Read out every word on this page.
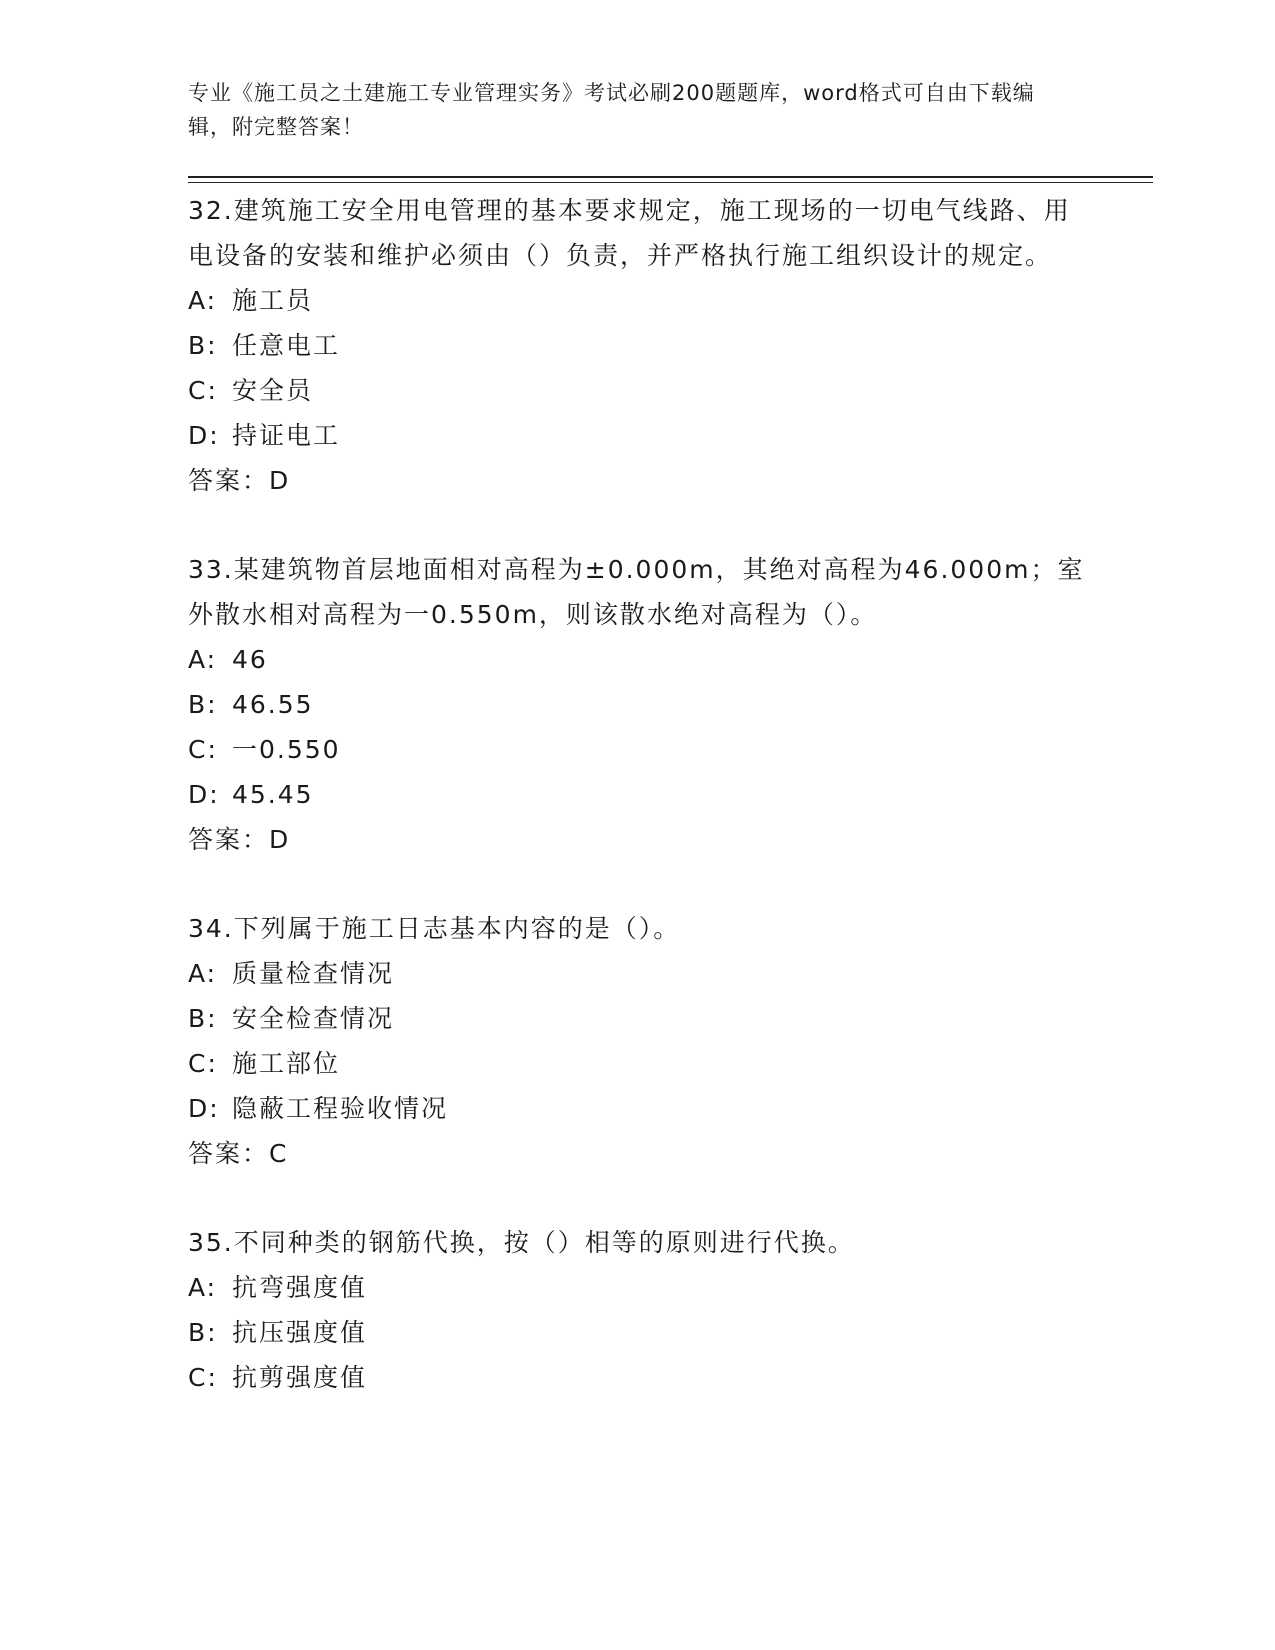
专业《施工员之土建施工专业管理实务》考试必刷200题题库，word格式可自由下载编辑，附完整答案！
32.建筑施工安全用电管理的基本要求规定，施工现场的一切电气线路、用电设备的安装和维护必须由（）负责，并严格执行施工组织设计的规定。
A: 施工员
B: 任意电工
C: 安全员
D: 持证电工
答案：D
33.某建筑物首层地面相对高程为±0.000m，其绝对高程为46.000m；室外散水相对高程为一0.550m，则该散水绝对高程为（）。
A: 46
B: 46.55
C: 一0.550
D: 45.45
答案：D
34.下列属于施工日志基本内容的是（）。
A: 质量检查情况
B: 安全检查情况
C: 施工部位
D: 隐蔽工程验收情况
答案：C
35.不同种类的钢筋代换，按（）相等的原则进行代换。
A: 抗弯强度值
B: 抗压强度值
C: 抗剪强度值
